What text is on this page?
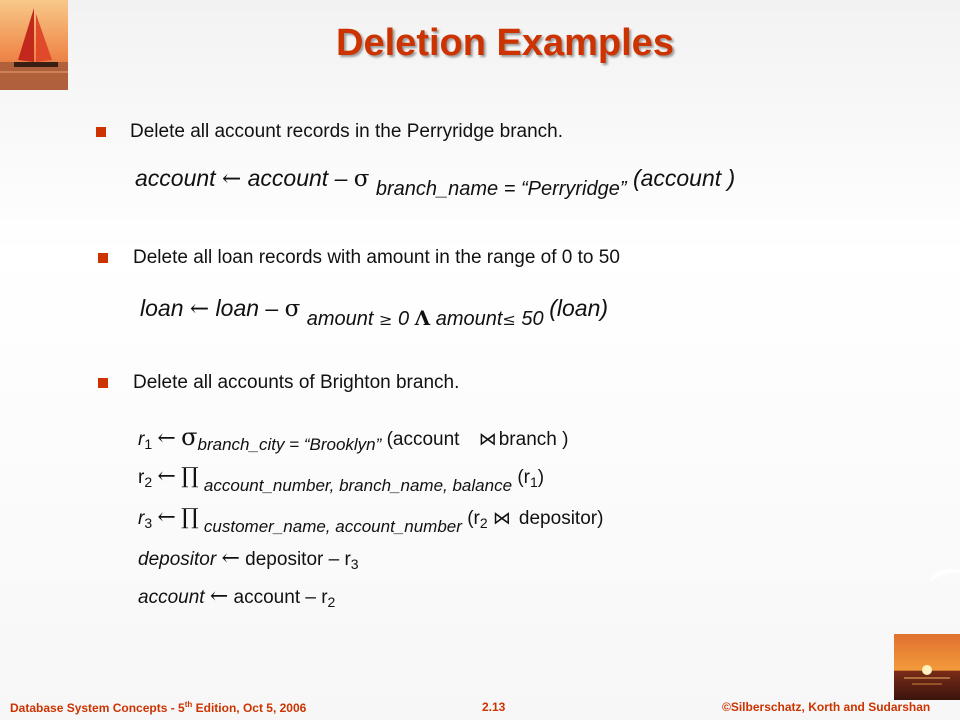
Deletion Examples
Delete all account records in the Perryridge branch.
account ← account – σ branch_name = “Perryridge” (account )
Delete all loan records with amount in the range of 0 to 50
loan ← loan – σ amount ≥ 0 Λ amount≤ 50 (loan)
Delete all accounts of Brighton branch.
$r_1$ ← σbranch_city = “Brooklyn” (account ⋈ branch )
$r_2$ ← ∏ account_number, branch_name, balance $(r_1)$
$r_3$ ← ∏ customer_name, account_number ($r_2$ ⋈ depositor)
depositor ← depositor – $r_3$
account ← account – $r_2$
Database System Concepts - 5th Edition, Oct 5, 2006	2.13	©Silberschatz, Korth and Sudarshan
